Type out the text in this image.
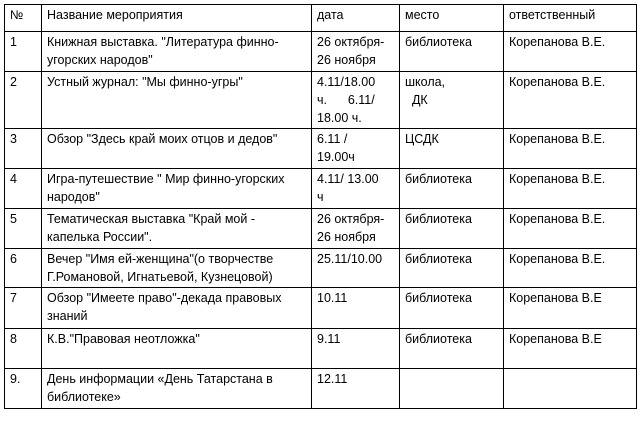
№	Название мероприятия	дата	место	ответственный
1	Книжная выставка. "Литература финно-угорских народов"	26 октября-
26 ноября	библиотека	Корепанова В.Е.
2	Устный журнал: "Мы финно-угры"	4.11/18.00
ч.      6.11/
18.00 ч.	школа,
ДК	Корепанова В.Е.
3	Обзор "Здесь край моих отцов и дедов"	6.11 /
19.00ч	ЦСДК	Корепанова В.Е.
4	Игра-путешествие " Мир финно-угорских народов"	4.11/ 13.00
ч	библиотека	Корепанова В.Е.
5	Тематическая выставка "Край мой - капелька России".	26 октября-
26 ноября	библиотека	Корепанова В.Е.
6	Вечер "Имя ей-женщина"(о творчестве Г.Романовой, Игнатьевой, Кузнецовой)	25.11/10.00	библиотека	Корепанова В.Е.
7	Обзор "Имеете право"-декада правовых знаний	10.11	библиотека	Корепанова В.Е
8	К.В."Правовая неотложка"	9.11	библиотека	Корепанова В.Е
9.	День информации «День Татарстана в библиотеке»	12.11		
